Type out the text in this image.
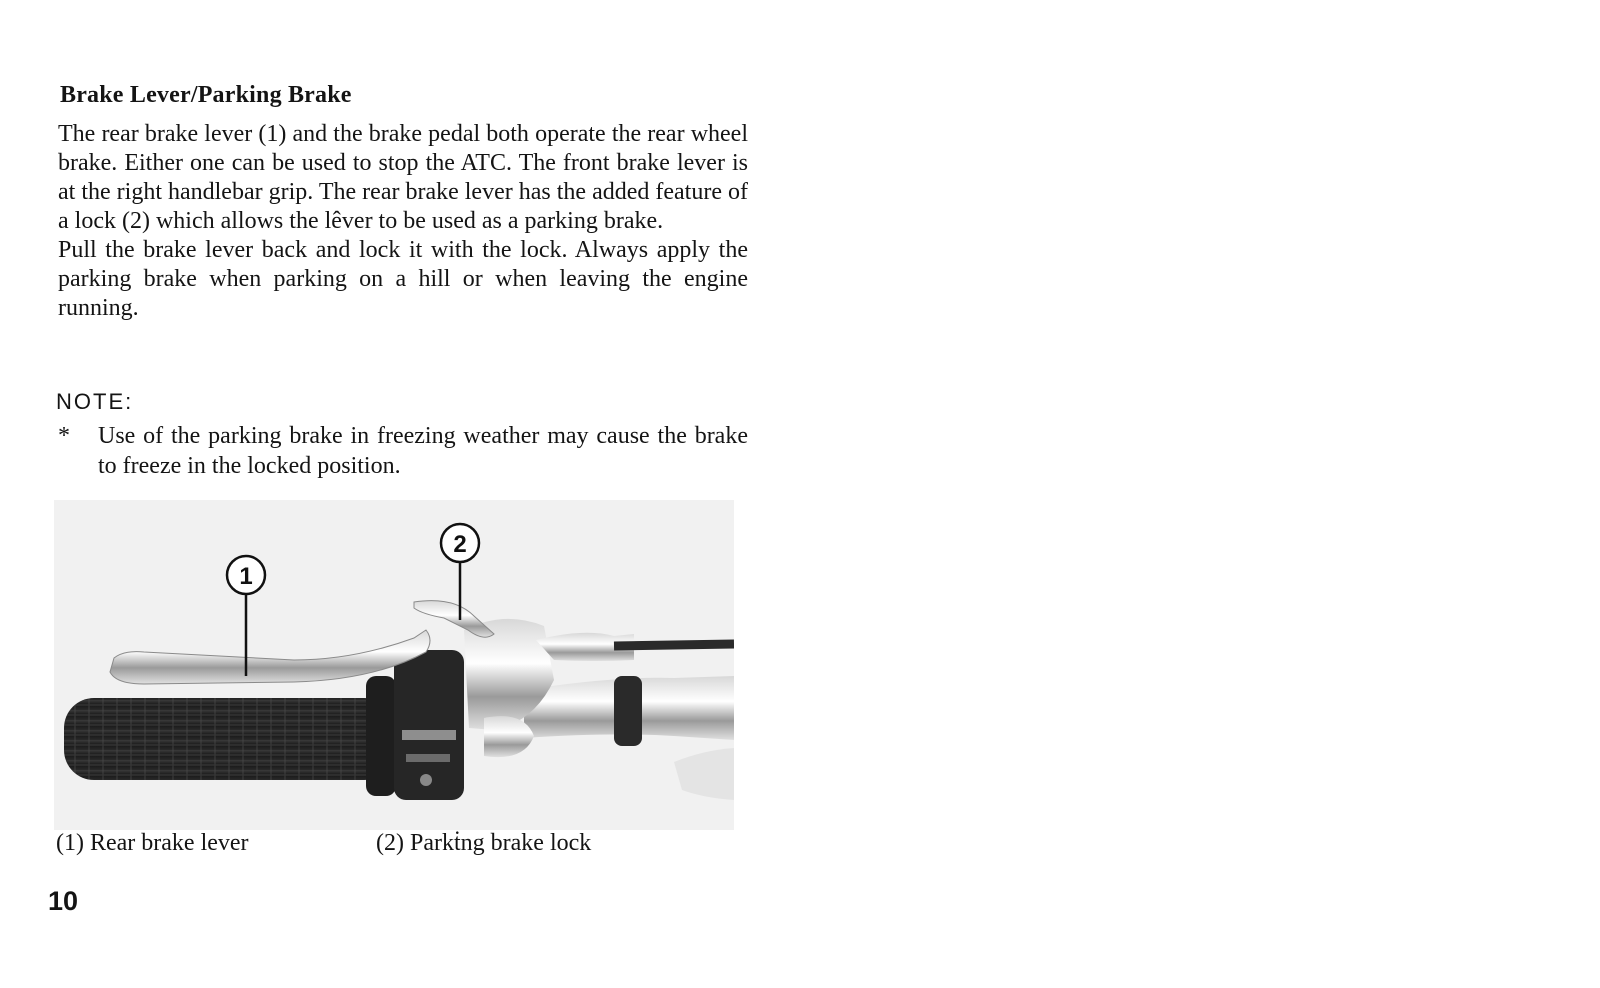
Brake Lever/Parking Brake

The rear brake lever (1) and the brake pedal both operate the rear wheel brake. Either one can be used to stop the ATC. The front brake lever is at the right handlebar grip. The rear brake lever has the added feature of a lock (2) which allows the lêver to be used as a parking brake.

Pull the brake lever back and lock it with the lock. Always apply the parking brake when parking on a hill or when leaving the engine running.

NOTE:
* Use of the parking brake in freezing weather may cause the brake to freeze in the locked position.
1
2
(1) Rear brake lever	(2) Parkṫng brake lock
10
